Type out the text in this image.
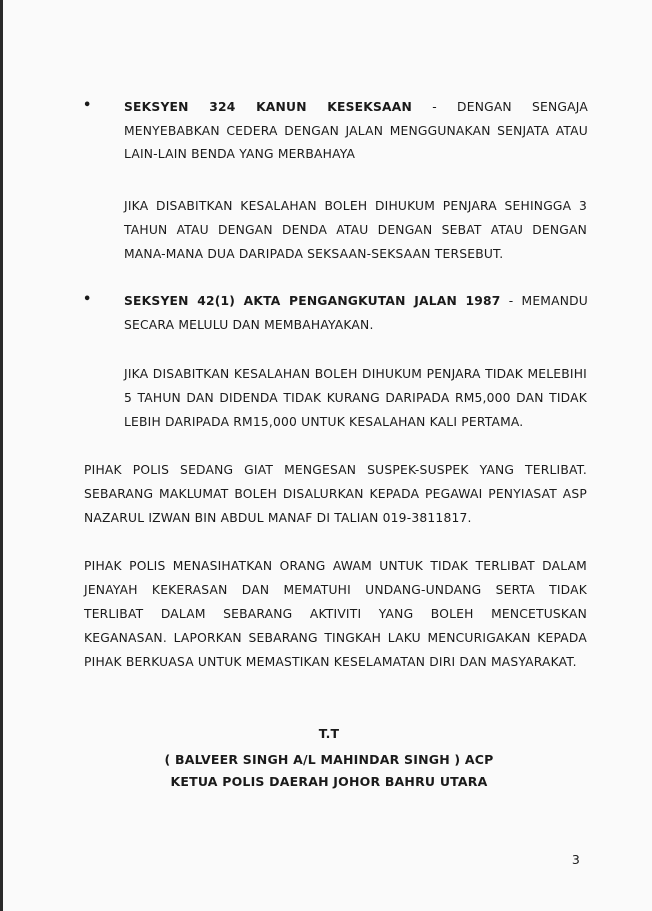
•	SEKSYEN 324 KANUN KESEKSAAN - DENGAN SENGAJA MENYEBABKAN CEDERA DENGAN JALAN MENGGUNAKAN SENJATA ATAU LAIN-LAIN BENDA YANG MERBAHAYA
JIKA DISABITKAN KESALAHAN BOLEH DIHUKUM PENJARA SEHINGGA 3 TAHUN ATAU DENGAN DENDA ATAU DENGAN SEBAT ATAU DENGAN MANA-MANA DUA DARIPADA SEKSAAN-SEKSAAN TERSEBUT.
•	SEKSYEN 42(1) AKTA PENGANGKUTAN JALAN 1987 - MEMANDU SECARA MELULU DAN MEMBAHAYAKAN.
JIKA DISABITKAN KESALAHAN BOLEH DIHUKUM PENJARA TIDAK MELEBIHI 5 TAHUN DAN DIDENDA TIDAK KURANG DARIPADA RM5,000 DAN TIDAK LEBIH DARIPADA RM15,000 UNTUK KESALAHAN KALI PERTAMA.
PIHAK POLIS SEDANG GIAT MENGESAN SUSPEK-SUSPEK YANG TERLIBAT. SEBARANG MAKLUMAT BOLEH DISALURKAN KEPADA PEGAWAI PENYIASAT ASP NAZARUL IZWAN BIN ABDUL MANAF DI TALIAN 019-3811817.
PIHAK POLIS MENASIHATKAN ORANG AWAM UNTUK TIDAK TERLIBAT DALAM JENAYAH KEKERASAN DAN MEMATUHI UNDANG-UNDANG SERTA TIDAK TERLIBAT DALAM SEBARANG AKTIVITI YANG BOLEH MENCETUSKAN KEGANASAN. LAPORKAN SEBARANG TINGKAH LAKU MENCURIGAKAN KEPADA PIHAK BERKUASA UNTUK MEMASTIKAN KESELAMATAN DIRI DAN MASYARAKAT.
T.T
( BALVEER SINGH A/L MAHINDAR SINGH ) ACP
KETUA POLIS DAERAH JOHOR BAHRU UTARA
3
